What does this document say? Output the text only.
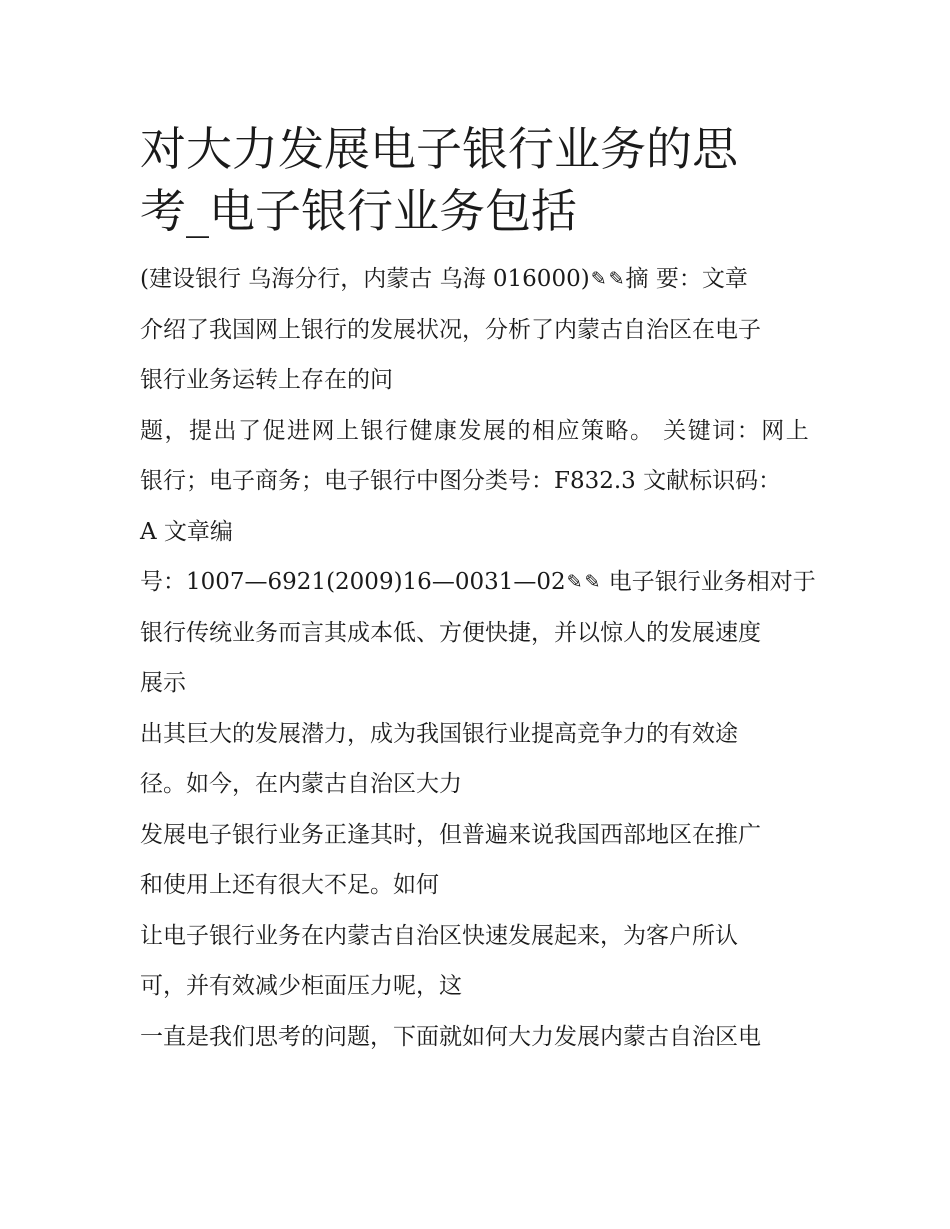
对大力发展电子银行业务的思
考_电子银行业务包括
(建设银行 乌海分行，内蒙古 乌海 016000)✎ ✎摘 要：文章
介绍了我国网上银行的发展状况，分析了内蒙古自治区在电子
银行业务运转上存在的问
题，提出了促进网上银行健康发展的相应策略。 关键词：网上
银行；电子商务；电子银行中图分类号：F832.3 文献标识码：
A 文章编
号：1007—6921(2009)16—0031—02✎ ✎ 电子银行业务相对于
银行传统业务而言其成本低、方便快捷，并以惊人的发展速度
展示
出其巨大的发展潜力，成为我国银行业提高竞争力的有效途
径。如今，在内蒙古自治区大力
发展电子银行业务正逢其时，但普遍来说我国西部地区在推广
和使用上还有很大不足。如何
让电子银行业务在内蒙古自治区快速发展起来，为客户所认
可，并有效减少柜面压力呢，这
一直是我们思考的问题，下面就如何大力发展内蒙古自治区电
